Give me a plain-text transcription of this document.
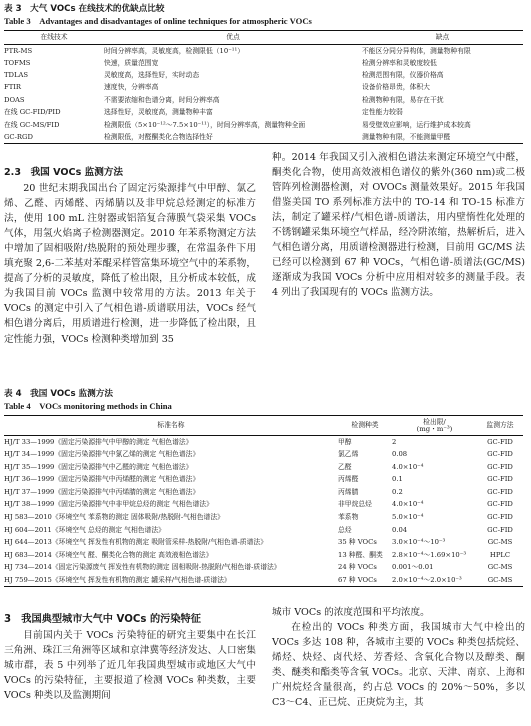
表 3　大气 VOCs 在线技术的优缺点比较
Table 3　Advantages and disadvantages of online techniques for atmospheric VOCs
在线技术	优点	缺点
PTR-MS	时间分辨率高，灵敏度高，检测限低（10⁻¹¹）	不能区分同分异构体，测量物种有限
TOFMS	快速，质量范围宽	检测分辨率和灵敏度较低
TDLAS	灵敏度高，选择性好，实时动态	检测范围有限，仪器价格高
FTIR	速度快，分辨率高	设备价格昂贵，体积大
DOAS	不需要浓缩和色谱分离，时间分辨率高	检测物种有限，易存在干扰
在线 GC-FID/PID	选择性好，灵敏度高，测量物种丰富	定性能力较弱
在线 GC-MS/FID	检测限低（5×10⁻¹²～7.5×10⁻¹¹），时间分辨率高，测量物种全面	易受壁效应影响，运行维护成本较高
GC-RGD	检测限低，对醛酮类化合物选择性好	测量物种有限，不能测量甲醛
2.3　我国 VOCs 监测方法

20 世纪末期我国出台了固定污染源排气中甲醇、氯乙烯、乙醛、丙烯醛、丙烯腈以及非甲烷总烃测定的标准方法，使用 100 mL 注射器或铝箔复合薄膜气袋采集 VOCs 气体，用氢火焰离子检测器测定。2010 年苯系物测定方法中增加了固相吸附/热脱附的预处理步骤，在常温条件下用填充聚 2,6-二苯基对苯醌采样管富集环境空气中的苯系物，提高了分析的灵敏度，降低了检出限，且分析成本较低，成为我国目前 VOCs 监测中较常用的方法。2013 年关于 VOCs 的测定中引入了气相色谱-质谱联用法，VOCs 经气相色谱分离后，用质谱进行检测，进一步降低了检出限，且定性能力强，VOCs 检测种类增加到 35

种。2014 年我国又引入液相色谱法来测定环境空气中醛，酮类化合物，使用高效液相色谱仪的紫外(360 nm)或二极管阵列检测器检测，对 OVOCs 测量效果好。2015 年我国借鉴美国 TO 系列标准方法中的 TO-14 和 TO-15 标准方法，制定了罐采样/气相色谱-质谱法，用内壁惰性化处理的不锈钢罐采集环境空气样品，经冷阱浓缩，热解析后，进入气相色谱分离，用质谱检测器进行检测，目前用 GC/MS 法已经可以检测到 67 种 VOCs，气相色谱-质谱法(GC/MS)逐渐成为我国 VOCs 分析中应用相对较多的测量手段。表 4 列出了我国现有的 VOCs 监测方法。

表 4　我国 VOCs 监测方法
Table 4　VOCs monitoring methods in China
标准名称	检测种类	检出限/	监测方法
		(mg・m⁻³)	
HJ/T 33—1999《固定污染源排气中甲醇的测定 气相色谱法》	甲醇	2	GC-FID
HJ/T 34—1999《固定污染源排气中氯乙烯的测定 气相色谱法》	氯乙烯	0.08	GC-FID
HJ/T 35—1999《固定污染源排气中乙醛的测定 气相色谱法》	乙醛	4.0×10⁻⁴	GC-FID
HJ/T 36—1999《固定污染源排气中丙烯醛的测定 气相色谱法》	丙烯醛	0.1	GC-FID
HJ/T 37—1999《固定污染源排气中丙烯腈的测定 气相色谱法》	丙烯腈	0.2	GC-FID
HJ/T 38—1999《固定污染源排气中非甲烷总烃的测定 气相色谱法》	非甲烷总烃	4.0×10⁻⁴	GC-FID
HJ 583—2010《环境空气 苯系物的测定 固体吸附/热脱附-气相色谱法》	苯系物	5.0×10⁻⁴	GC-FID
HJ 604—2011《环境空气 总烃的测定 气相色谱法》	总烃	0.04	GC-FID
HJ 644—2013《环境空气 挥发性有机物的测定 吸附管采样-热脱附/气相色谱-质谱法》	35 种 VOCs	3.0×10⁻⁴～10⁻³	GC-MS
HJ 683—2014《环境空气 醛、酮类化合物的测定 高效液相色谱法》	13 种醛、酮类	2.8×10⁻⁴～1.69×10⁻³	HPLC
HJ 734—2014《固定污染源废气 挥发性有机物的测定 固相吸附-热脱附/气相色谱-质谱法》	24 种 VOCs	0.001～0.01	GC-MS
HJ 759—2015《环境空气 挥发性有机物的测定 罐采样/气相色谱-质谱法》	67 种 VOCs	2.0×10⁻⁴～2.0×10⁻³	GC-MS
3　我国典型城市大气中 VOCs 的污染特征

目前国内关于 VOCs 污染特征的研究主要集中在长江三角洲、珠江三角洲等区域和京津冀等经济发达、人口密集城市群，表 5 中列举了近几年我国典型城市或地区大气中 VOCs 的污染特征，主要报道了检测 VOCs 种类数，主要 VOCs 种类以及监测期间

城市 VOCs 的浓度范围和平均浓度。

在检出的 VOCs 种类方面，我国城市大气中检出的 VOCs 多达 108 种，各城市主要的 VOCs 种类包括烷烃、烯烃、炔烃、卤代烃、芳香烃、含氧化合物以及醇类、酮类、醚类和酯类等含氧 VOCs。北京、天津、南京、上海和广州烷烃含量很高，约占总 VOCs 的 20%～50%，多以 C3～C4、正已烷、正庚烷为主，其
